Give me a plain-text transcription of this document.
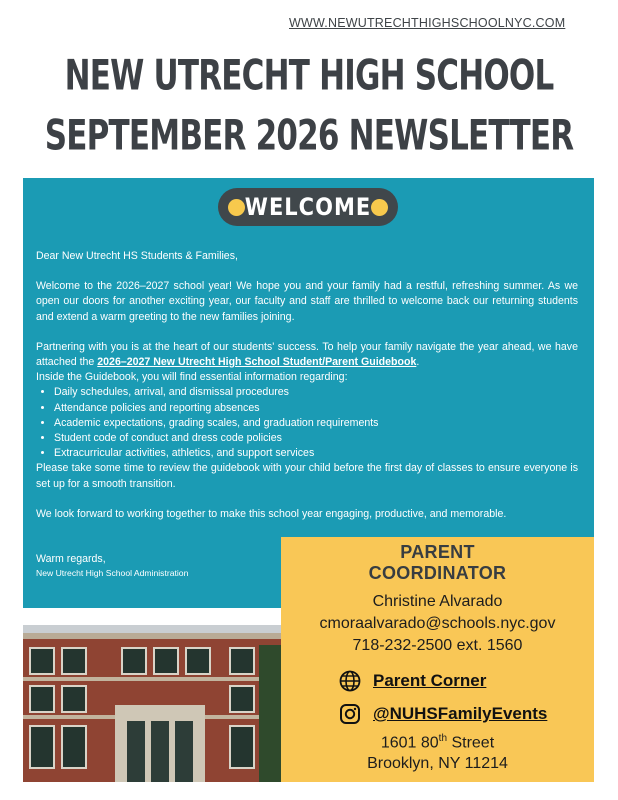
WWW.NEWUTRECHTHIGHSCHOOLNYC.COM
NEW UTRECHT HIGH SCHOOL
SEPTEMBER 2026 NEWSLETTER
WELCOME

Dear New Utrecht HS Students & Families,

Welcome to the 2026–2027 school year! We hope you and your family had a restful, refreshing summer. As we open our doors for another exciting year, our faculty and staff are thrilled to welcome back our returning students and extend a warm greeting to the new families joining.

Partnering with you is at the heart of our students' success. To help your family navigate the year ahead, we have attached the 2026–2027 New Utrecht High School Student/Parent Guidebook.

Inside the Guidebook, you will find essential information regarding:

• Daily schedules, arrival, and dismissal procedures
• Attendance policies and reporting absences
• Academic expectations, grading scales, and graduation requirements
• Student code of conduct and dress code policies
• Extracurricular activities, athletics, and support services

Please take some time to review the guidebook with your child before the first day of classes to ensure everyone is set up for a smooth transition.

We look forward to working together to make this school year engaging, productive, and memorable.

Warm regards,
New Utrecht High School Administration
PARENT
COORDINATOR
Christine Alvarado
cmoraalvarado@schools.nyc.gov
718-232-2500 ext. 1560
Parent Corner
@NUHSFamilyEvents
1601 80th Street
Brooklyn, NY 11214
